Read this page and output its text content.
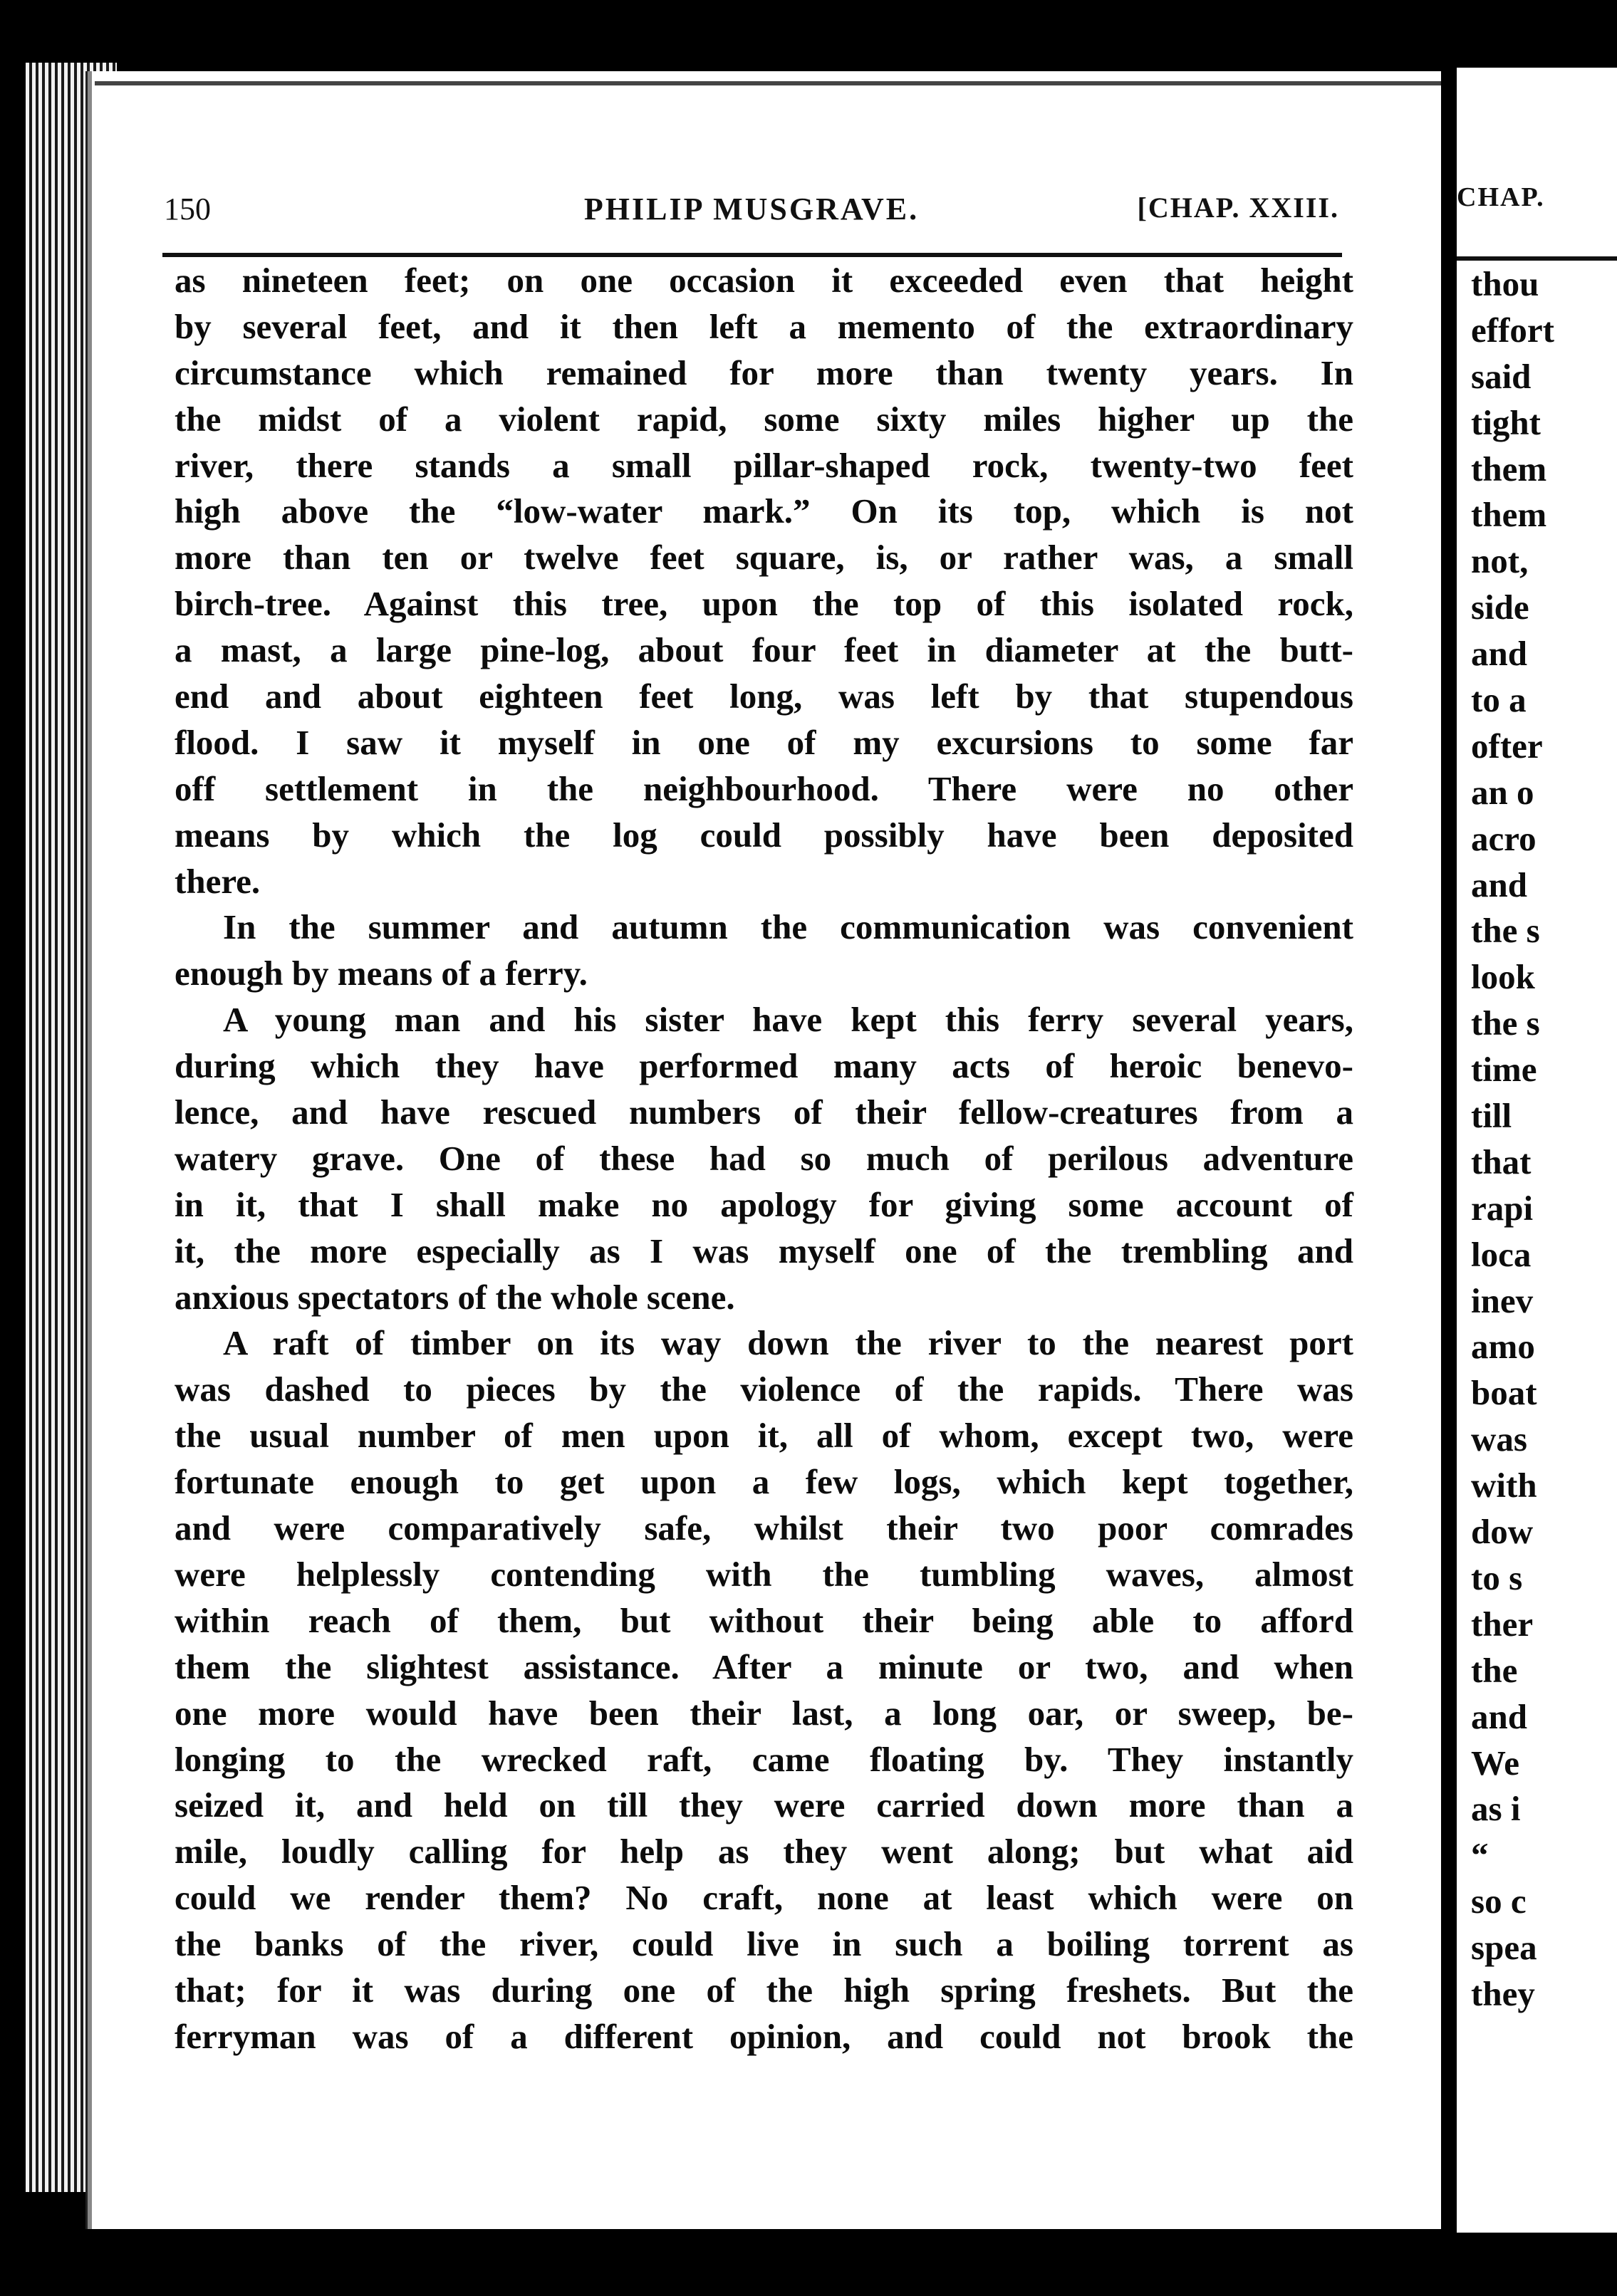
150	PHILIP MUSGRAVE.	[CHAP. XXIII.
as nineteen feet; on one occasion it exceeded even that height
by several feet, and it then left a memento of the extraordinary
circumstance which remained for more than twenty years. In
the midst of a violent rapid, some sixty miles higher up the
river, there stands a small pillar-shaped rock, twenty-two feet
high above the “low-water mark.” On its top, which is not
more than ten or twelve feet square, is, or rather was, a small
birch-tree. Against this tree, upon the top of this isolated rock,
a mast, a large pine-log, about four feet in diameter at the butt-
end and about eighteen feet long, was left by that stupendous
flood. I saw it myself in one of my excursions to some far
off settlement in the neighbourhood. There were no other
means by which the log could possibly have been deposited
there.
In the summer and autumn the communication was convenient
enough by means of a ferry.
A young man and his sister have kept this ferry several years,
during which they have performed many acts of heroic benevo-
lence, and have rescued numbers of their fellow-creatures from a
watery grave. One of these had so much of perilous adventure
in it, that I shall make no apology for giving some account of
it, the more especially as I was myself one of the trembling and
anxious spectators of the whole scene.
A raft of timber on its way down the river to the nearest port
was dashed to pieces by the violence of the rapids. There was
the usual number of men upon it, all of whom, except two, were
fortunate enough to get upon a few logs, which kept together,
and were comparatively safe, whilst their two poor comrades
were helplessly contending with the tumbling waves, almost
within reach of them, but without their being able to afford
them the slightest assistance. After a minute or two, and when
one more would have been their last, a long oar, or sweep, be-
longing to the wrecked raft, came floating by. They instantly
seized it, and held on till they were carried down more than a
mile, loudly calling for help as they went along; but what aid
could we render them? No craft, none at least which were on
the banks of the river, could live in such a boiling torrent as
that; for it was during one of the high spring freshets. But the
ferryman was of a different opinion, and could not brook the
CHAP.
thou
effort
said
tight
them
them
not,
side
and
to a
ofter
an o
acro
and
the s
look
the s
time
till
that
rapi
loca
inev
amo
boat
was
with
dow
to s
ther
the
and
We
as i
“
so c
spea
they
